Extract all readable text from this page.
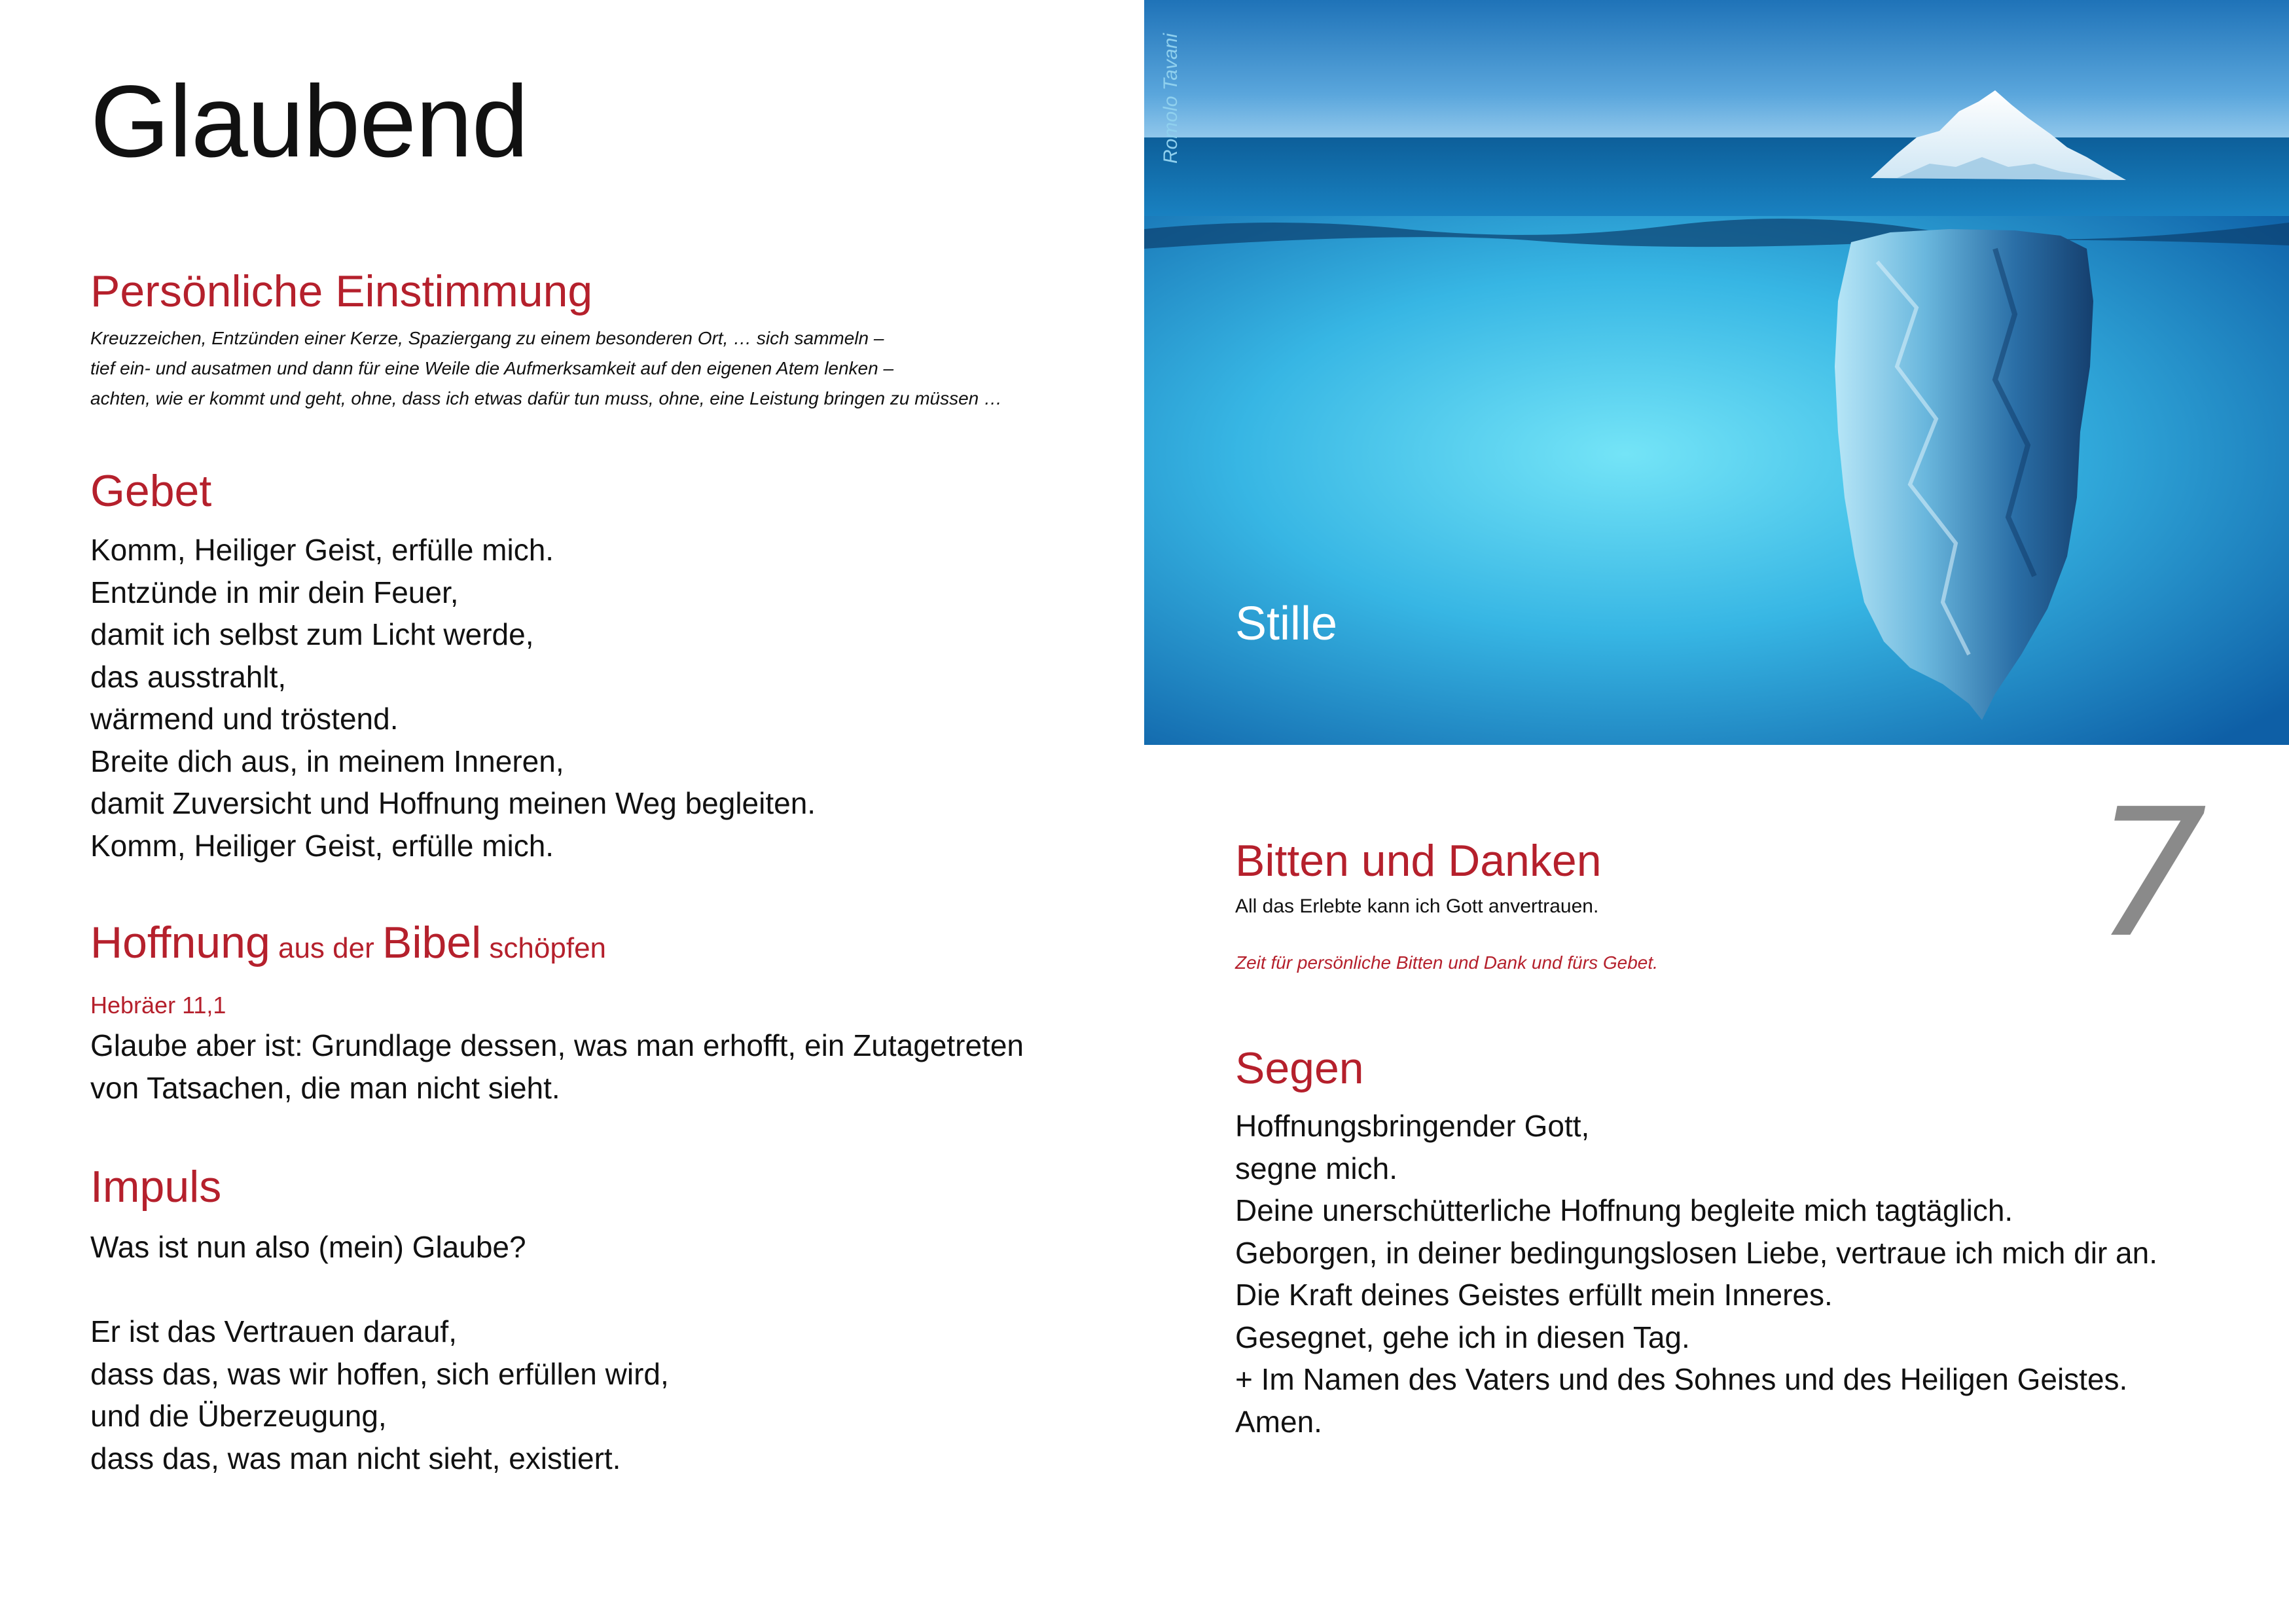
Glaubend
Persönliche Einstimmung
Kreuzzeichen, Entzünden einer Kerze, Spaziergang zu einem besonderen Ort, … sich sammeln –
tief ein- und ausatmen und dann für eine Weile die Aufmerksamkeit auf den eigenen Atem lenken –
achten, wie er kommt und geht, ohne, dass ich etwas dafür tun muss, ohne, eine Leistung bringen zu müssen …
Gebet
Komm, Heiliger Geist, erfülle mich.
Entzünde in mir dein Feuer,
damit ich selbst zum Licht werde,
das ausstrahlt,
wärmend und tröstend.
Breite dich aus, in meinem Inneren,
damit Zuversicht und Hoffnung meinen Weg begleiten.
Komm, Heiliger Geist, erfülle mich.
Hoffnung aus der Bibel schöpfen
Hebräer 11,1
Glaube aber ist: Grundlage dessen, was man erhofft, ein Zutagetreten
von Tatsachen, die man nicht sieht.
Impuls
Was ist nun also (mein) Glaube?
Er ist das Vertrauen darauf,
dass das, was wir hoffen, sich erfüllen wird,
und die Überzeugung,
dass das, was man nicht sieht, existiert.
Romolo Tavani
Stille
7
Bitten und Danken
All das Erlebte kann ich Gott anvertrauen.
Zeit für persönliche Bitten und Dank und fürs Gebet.
Segen
Hoffnungsbringender Gott,
segne mich.
Deine unerschütterliche Hoffnung begleite mich tagtäglich.
Geborgen, in deiner bedingungslosen Liebe, vertraue ich mich dir an.
Die Kraft deines Geistes erfüllt mein Inneres.
Gesegnet, gehe ich in diesen Tag.
+ Im Namen des Vaters und des Sohnes und des Heiligen Geistes.
Amen.
